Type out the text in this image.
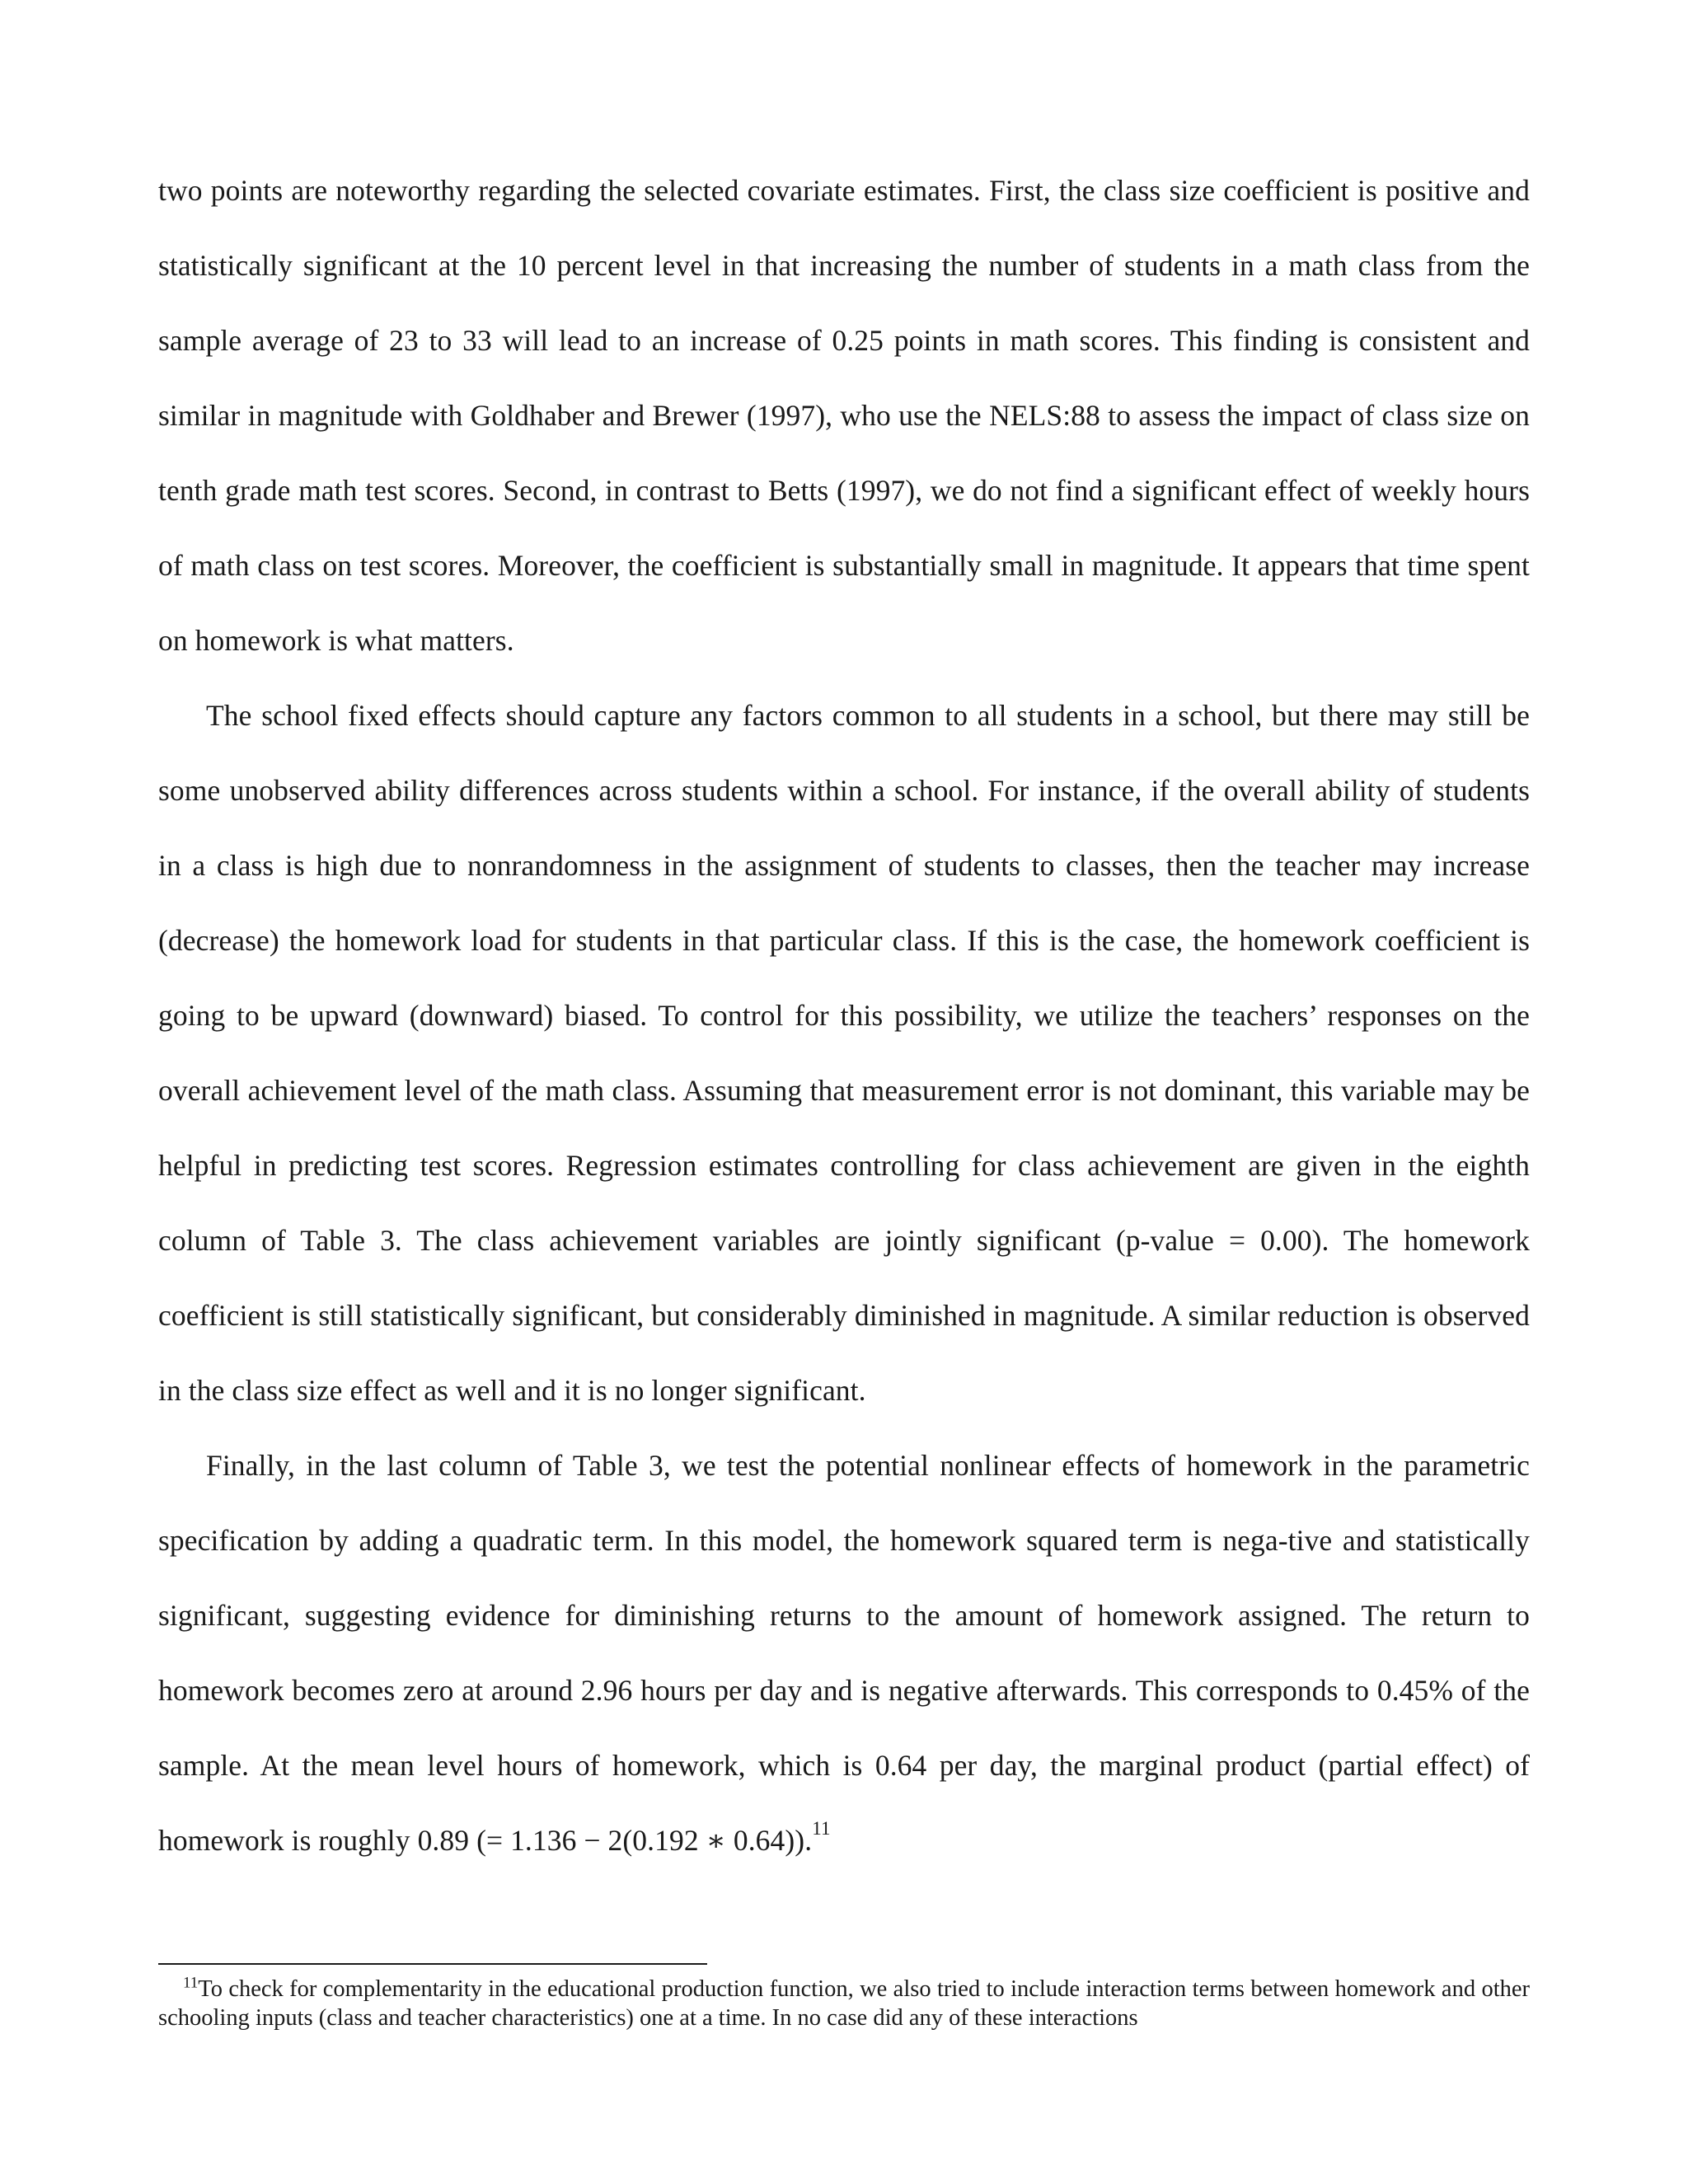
two points are noteworthy regarding the selected covariate estimates. First, the class size coefficient is positive and statistically significant at the 10 percent level in that increasing the number of students in a math class from the sample average of 23 to 33 will lead to an increase of 0.25 points in math scores. This finding is consistent and similar in magnitude with Goldhaber and Brewer (1997), who use the NELS:88 to assess the impact of class size on tenth grade math test scores. Second, in contrast to Betts (1997), we do not find a significant effect of weekly hours of math class on test scores. Moreover, the coefficient is substantially small in magnitude. It appears that time spent on homework is what matters.

The school fixed effects should capture any factors common to all students in a school, but there may still be some unobserved ability differences across students within a school. For instance, if the overall ability of students in a class is high due to nonrandomness in the assignment of students to classes, then the teacher may increase (decrease) the homework load for students in that particular class. If this is the case, the homework coefficient is going to be upward (downward) biased. To control for this possibility, we utilize the teachers’ responses on the overall achievement level of the math class. Assuming that measurement error is not dominant, this variable may be helpful in predicting test scores. Regression estimates controlling for class achievement are given in the eighth column of Table 3. The class achievement variables are jointly significant (p-value = 0.00). The homework coefficient is still statistically significant, but considerably diminished in magnitude. A similar reduction is observed in the class size effect as well and it is no longer significant.

Finally, in the last column of Table 3, we test the potential nonlinear effects of homework in the parametric specification by adding a quadratic term. In this model, the homework squared term is nega-tive and statistically significant, suggesting evidence for diminishing returns to the amount of homework assigned. The return to homework becomes zero at around 2.96 hours per day and is negative afterwards. This corresponds to 0.45% of the sample. At the mean level hours of homework, which is 0.64 per day, the marginal product (partial effect) of homework is roughly 0.89 (= 1.136 − 2(0.192 ∗ 0.64)).$^{11}$

$^{11}$To check for complementarity in the educational production function, we also tried to include interaction terms between homework and other schooling inputs (class and teacher characteristics) one at a time. In no case did any of these interactions
